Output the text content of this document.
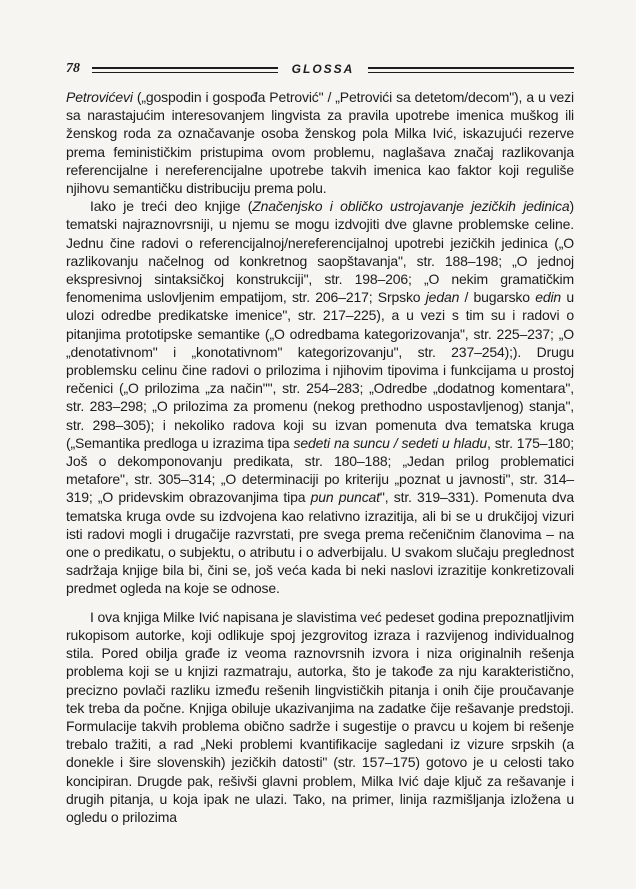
78	GLOSSA

Petrovićevi („gospodin i gospođa Petrović" / „Petrovići sa detetom/decom"), a u vezi sa narastajućim interesovanjem lingvista za pravila upotrebe imenica muškog ili ženskog roda za označavanje osoba ženskog pola Milka Ivić, iskazujući rezerve prema feminističkim pristupima ovom problemu, naglašava značaj razlikovanja referencijalne i nereferencijalne upotrebe takvih imenica kao faktor koji reguliše njihovu semantičku distribuciju prema polu.

Iako je treći deo knjige (Značenjsko i obličko ustrojavanje jezičkih jedinica) tematski najraznovrsniji, u njemu se mogu izdvojiti dve glavne problemske celine. Jednu čine radovi o referencijalnoj/nereferencijalnoj upotrebi jezičkih jedinica („O razlikovanju načelnog od konkretnog saopštavanja", str. 188–198; „O jednoj ekspresivnoj sintaksičkoj konstrukciji", str. 198–206; „O nekim gramatičkim fenomenima uslovljenim empatijom, str. 206–217; Srpsko jedan / bugarsko edin u ulozi odredbe predikatske imenice", str. 217–225), a u vezi s tim su i radovi o pitanjima prototipske semantike („O odredbama kategorizovanja", str. 225–237; „O „denotativnom" i „konotativnom" kategorizovanju", str. 237–254);). Drugu problemsku celinu čine radovi o prilozima i njihovim tipovima i funkcijama u prostoj rečenici („O prilozima „za način"", str. 254–283; „Odredbe „dodatnog komentara", str. 283–298; „O prilozima za promenu (nekog prethodno uspostavljenog) stanja", str. 298–305); i nekoliko radova koji su izvan pomenuta dva tematska kruga („Semantika predloga u izrazima tipa sedeti na suncu / sedeti u hladu, str. 175–180; Još o dekomponovanju predikata, str. 180–188; „Jedan prilog problematici metafore", str. 305–314; „O determinaciji po kriteriju „poznat u javnosti", str. 314–319; „O pridevskim obrazovanjima tipa pun puncat", str. 319–331). Pomenuta dva tematska kruga ovde su izdvojena kao relativno izrazitija, ali bi se u drukčijoj vizuri isti radovi mogli i drugačije razvrstati, pre svega prema rečeničnim članovima – na one o predikatu, o subjektu, o atributu i o adverbijalu. U svakom slučaju preglednost sadržaja knjige bila bi, čini se, još veća kada bi neki naslovi izrazitije konkretizovali predmet ogleda na koje se odnose.

I ova knjiga Milke Ivić napisana je slavistima već pedeset godina prepoznatljivim rukopisom autorke, koji odlikuje spoj jezgrovitog izraza i razvijenog individualnog stila. Pored obilja građe iz veoma raznovrsnih izvora i niza originalnih rešenja problema koji se u knjizi razmatraju, autorka, što je takođe za nju karakteristično, precizno povlači razliku između rešenih lingvističkih pitanja i onih čije proučavanje tek treba da počne. Knjiga obiluje ukazivanjima na zadatke čije rešavanje predstoji. Formulacije takvih problema obično sadrže i sugestije o pravcu u kojem bi rešenje trebalo tražiti, a rad „Neki problemi kvantifikacije sagledani iz vizure srpskih (a donekle i šire slovenskih) jezičkih datosti" (str. 157–175) gotovo je u celosti tako koncipiran. Drugde pak, rešivši glavni problem, Milka Ivić daje ključ za rešavanje i drugih pitanja, u koja ipak ne ulazi. Tako, na primer, linija razmišljanja izložena u ogledu o prilozima
